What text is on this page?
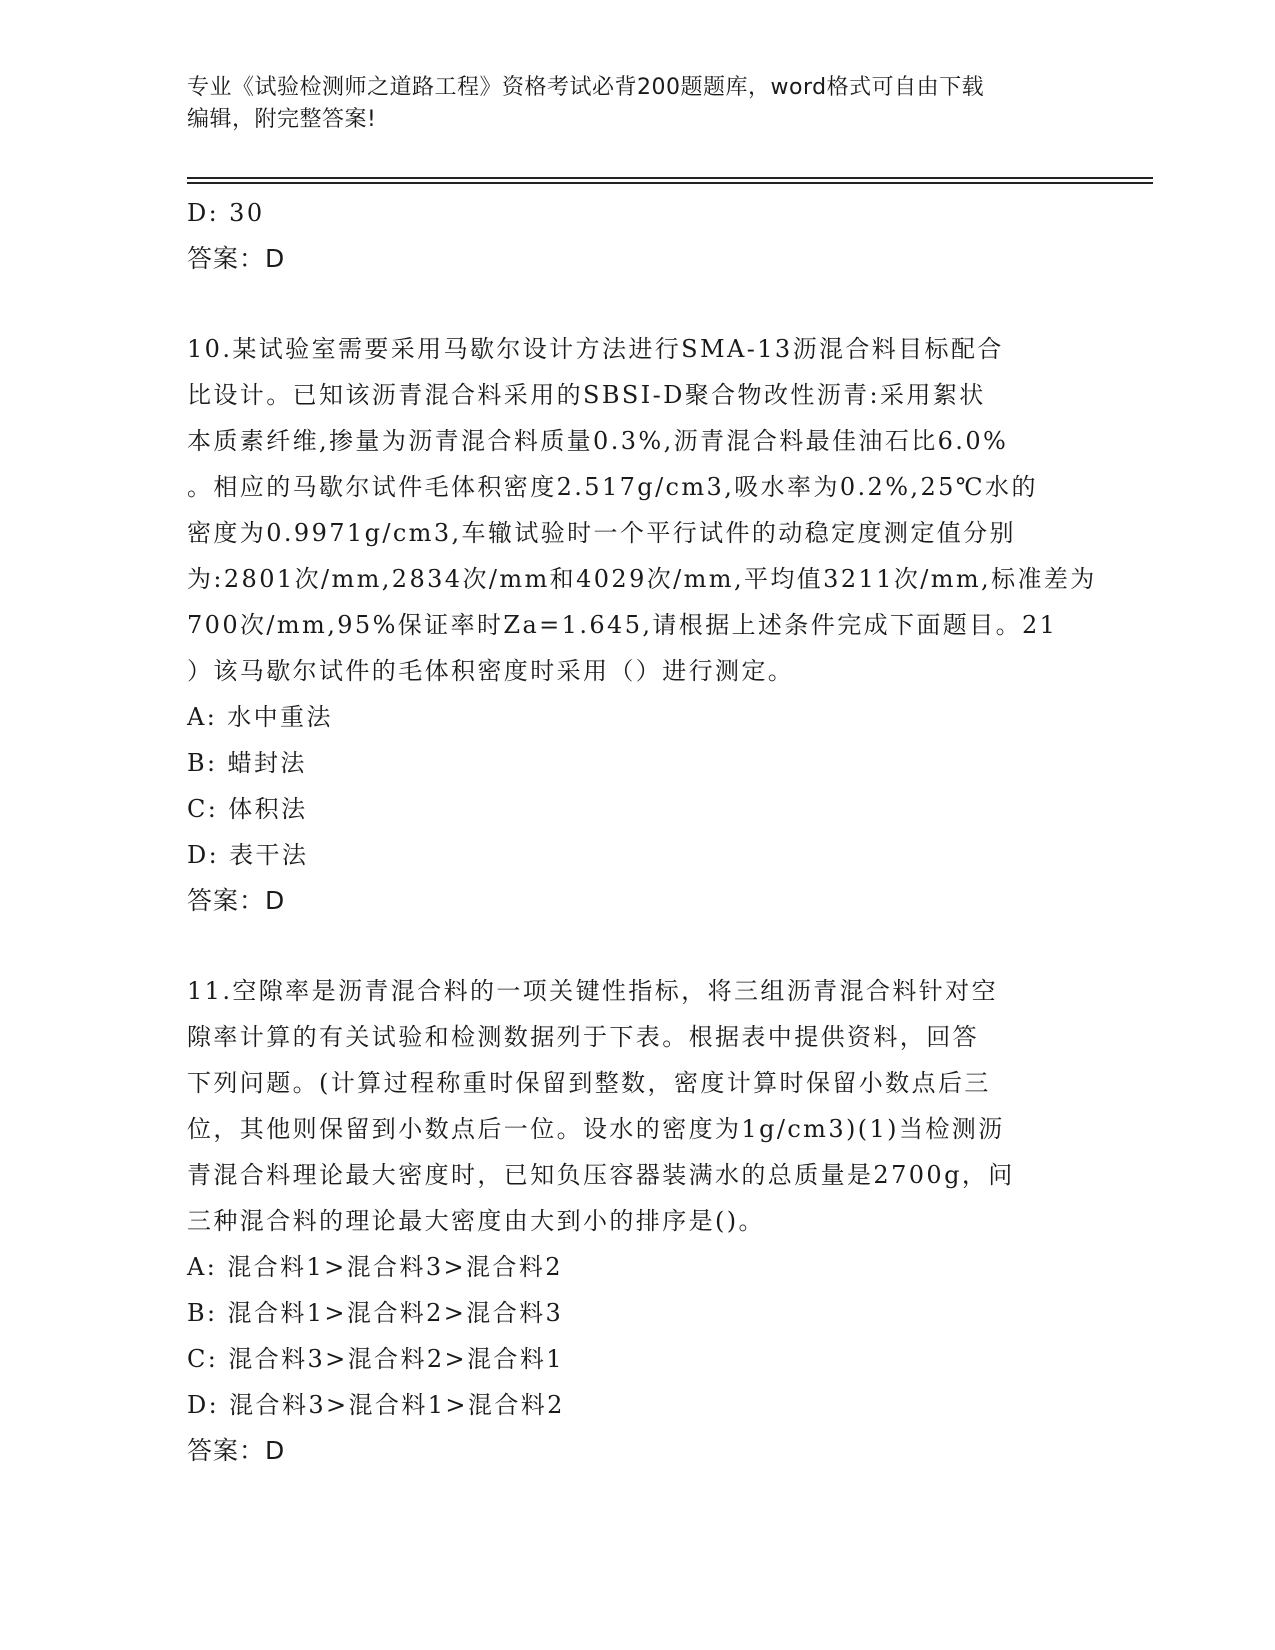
专业《试验检测师之道路工程》资格考试必背200题题库，word格式可自由下载
编辑，附完整答案!
D: 30
答案：D
10.某试验室需要采用马歇尔设计方法进行SMA-13沥混合料目标配合
比设计。已知该沥青混合料采用的SBSI-D聚合物改性沥青:采用絮状
本质素纤维,掺量为沥青混合料质量0.3%,沥青混合料最佳油石比6.0%
。相应的马歇尔试件毛体积密度2.517g/cm3,吸水率为0.2%,25℃水的
密度为0.9971g/cm3,车辙试验时一个平行试件的动稳定度测定值分别
为:2801次/mm,2834次/mm和4029次/mm,平均值3211次/mm,标准差为
700次/mm,95%保证率时Za=1.645,请根据上述条件完成下面题目。21
）该马歇尔试件的毛体积密度时采用（）进行测定。
A: 水中重法
B: 蜡封法
C: 体积法
D: 表干法
答案：D
11.空隙率是沥青混合料的一项关键性指标，将三组沥青混合料针对空
隙率计算的有关试验和检测数据列于下表。根据表中提供资料，回答
下列问题。(计算过程称重时保留到整数，密度计算时保留小数点后三
位，其他则保留到小数点后一位。设水的密度为1g/cm3)(1)当检测沥
青混合料理论最大密度时，已知负压容器装满水的总质量是2700g，问
三种混合料的理论最大密度由大到小的排序是()。
A: 混合料1>混合料3>混合料2
B: 混合料1>混合料2>混合料3
C: 混合料3>混合料2>混合料1
D: 混合料3>混合料1>混合料2
答案：D
